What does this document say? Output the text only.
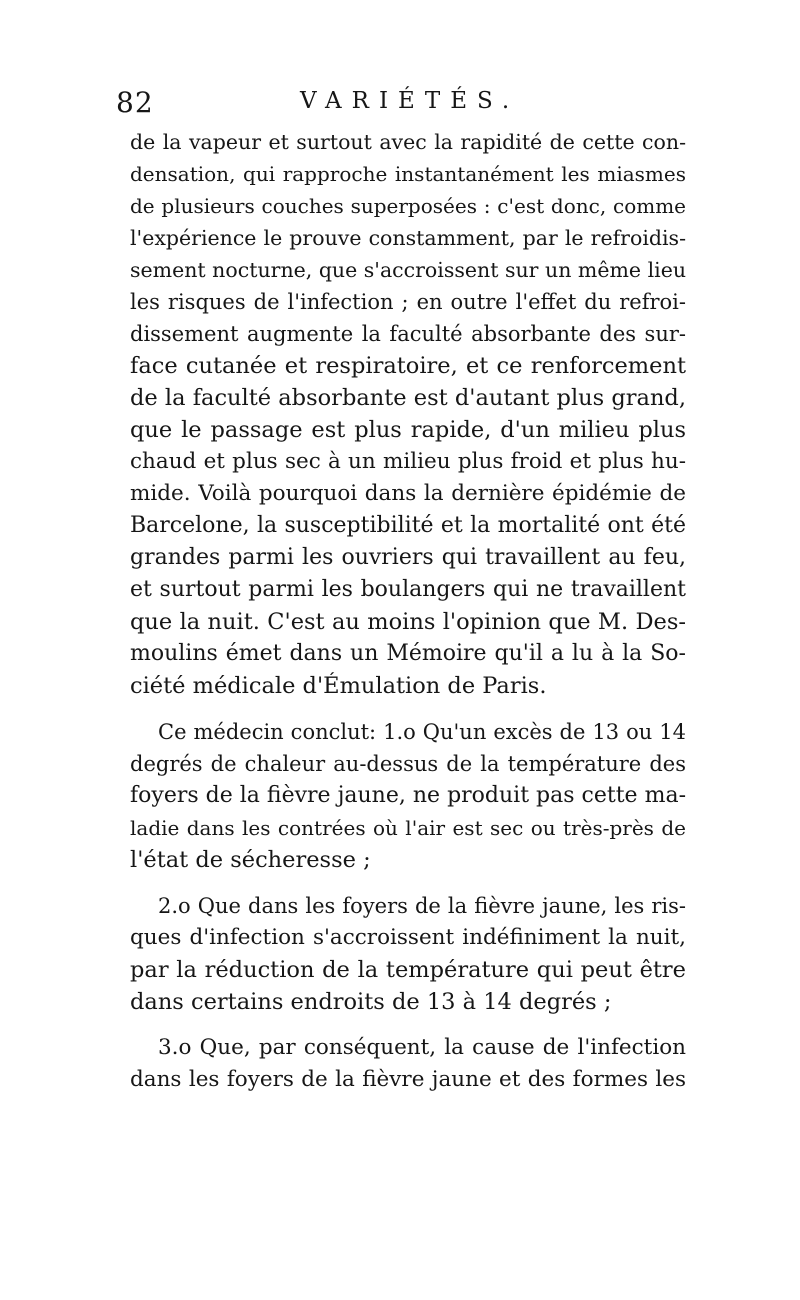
82	VARIÉTÉS.
de la vapeur et surtout avec la rapidité de cette con-
densation, qui rapproche instantanément les miasmes
de plusieurs couches superposées : c'est donc, comme
l'expérience le prouve constamment, par le refroidis-
sement nocturne, que s'accroissent sur un même lieu
les risques de l'infection ; en outre l'effet du refroi-
dissement augmente la faculté absorbante des sur-
face cutanée et respiratoire, et ce renforcement
de la faculté absorbante est d'autant plus grand,
que le passage est plus rapide, d'un milieu plus
chaud et plus sec à un milieu plus froid et plus hu-
mide. Voilà pourquoi dans la dernière épidémie de
Barcelone, la susceptibilité et la mortalité ont été
grandes parmi les ouvriers qui travaillent au feu,
et surtout parmi les boulangers qui ne travaillent
que la nuit. C'est au moins l'opinion que M. Des-
moulins émet dans un Mémoire qu'il a lu à la So-
ciété médicale d'Émulation de Paris.
Ce médecin conclut: 1.o Qu'un excès de 13 ou 14
degrés de chaleur au-dessus de la température des
foyers de la fièvre jaune, ne produit pas cette ma-
ladie dans les contrées où l'air est sec ou très-près de
l'état de sécheresse ;
2.o Que dans les foyers de la fièvre jaune, les ris-
ques d'infection s'accroissent indéfiniment la nuit,
par la réduction de la température qui peut être
dans certains endroits de 13 à 14 degrés ;
3.o Que, par conséquent, la cause de l'infection
dans les foyers de la fièvre jaune et des formes les
